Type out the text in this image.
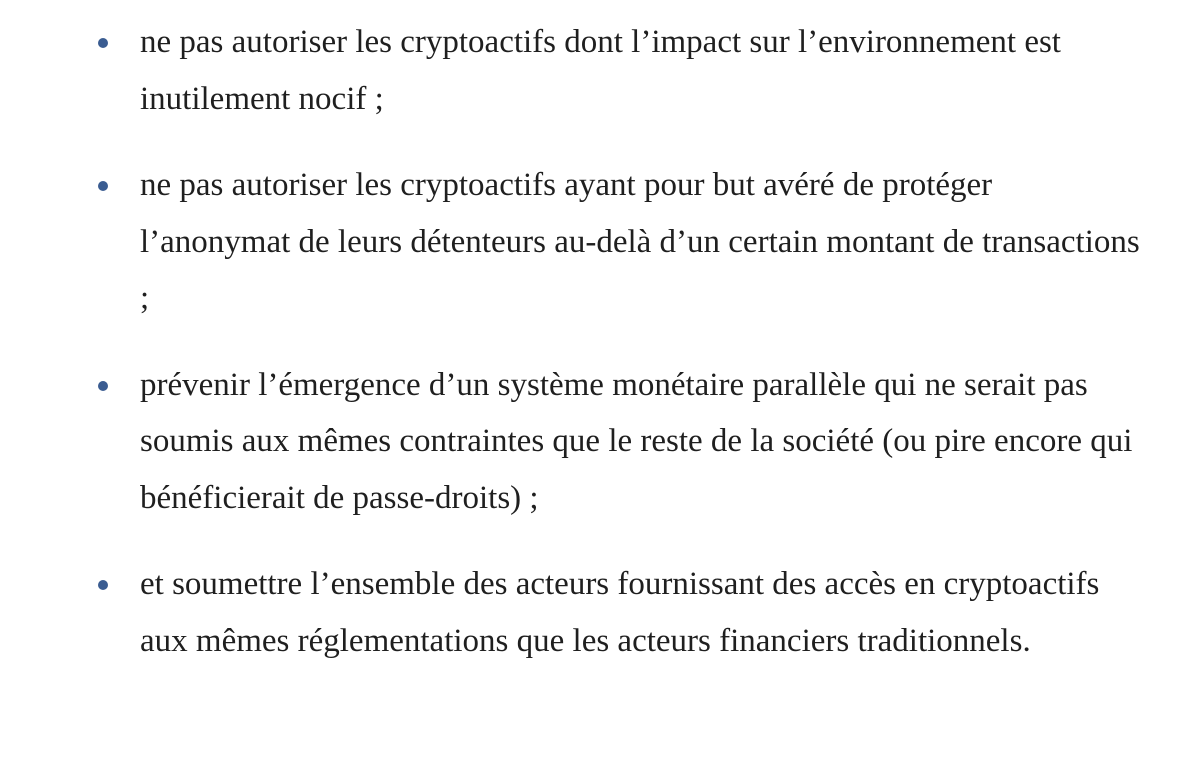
ne pas autoriser les cryptoactifs dont l’impact sur l’environnement est inutilement nocif ;
ne pas autoriser les cryptoactifs ayant pour but avéré de protéger l’anonymat de leurs détenteurs au-delà d’un certain montant de transactions ;
prévenir l’émergence d’un système monétaire parallèle qui ne serait pas soumis aux mêmes contraintes que le reste de la société (ou pire encore qui bénéficierait de passe-droits) ;
et soumettre l’ensemble des acteurs fournissant des accès en cryptoactifs aux mêmes réglementations que les acteurs financiers traditionnels.
